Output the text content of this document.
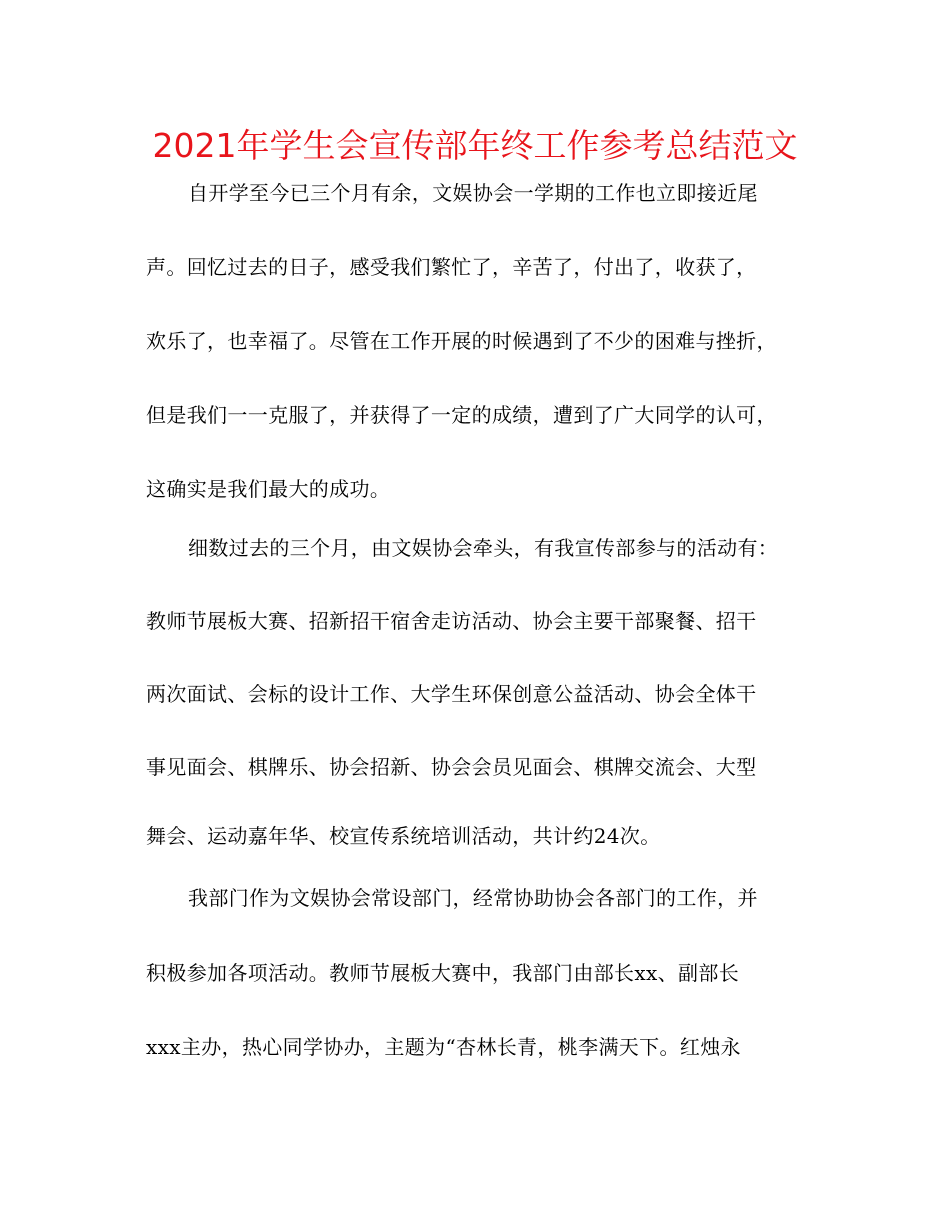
2021年学生会宣传部年终工作参考总结范文

自开学至今已三个月有余，文娱协会一学期的工作也立即接近尾

声。回忆过去的日子，感受我们繁忙了，辛苦了，付出了，收获了，

欢乐了，也幸福了。尽管在工作开展的时候遇到了不少的困难与挫折，

但是我们一一克服了，并获得了一定的成绩，遭到了广大同学的认可，

这确实是我们最大的成功。

细数过去的三个月，由文娱协会牵头，有我宣传部参与的活动有：

教师节展板大赛、招新招干宿舍走访活动、协会主要干部聚餐、招干

两次面试、会标的设计工作、大学生环保创意公益活动、协会全体干

事见面会、棋牌乐、协会招新、协会会员见面会、棋牌交流会、大型

舞会、运动嘉年华、校宣传系统培训活动，共计约24次。

我部门作为文娱协会常设部门，经常协助协会各部门的工作，并

积极参加各项活动。教师节展板大赛中，我部门由部长xx、副部长

xxx主办，热心同学协办，主题为“杏林长青，桃李满天下。红烛永
